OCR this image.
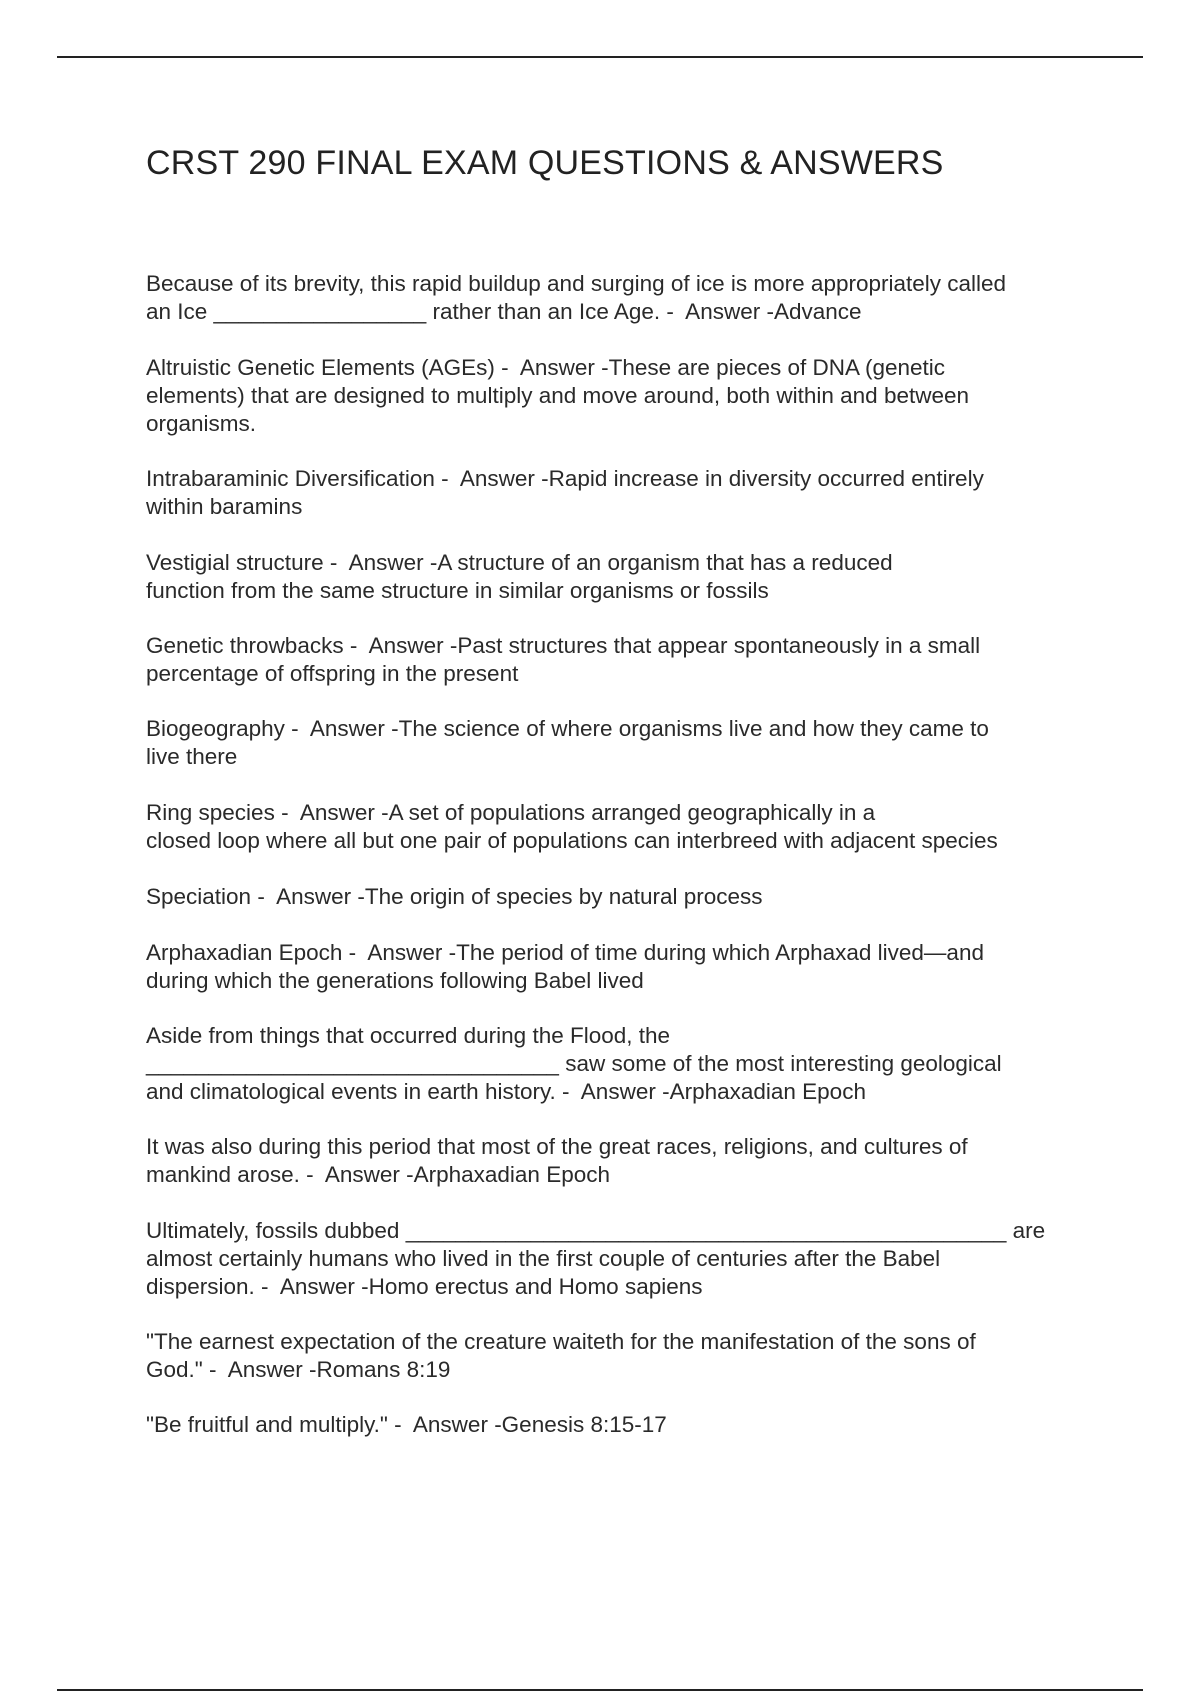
CRST 290 FINAL EXAM QUESTIONS & ANSWERS

Because of its brevity, this rapid buildup and surging of ice is more appropriately called
an Ice _________________ rather than an Ice Age. -  Answer -Advance

Altruistic Genetic Elements (AGEs) -  Answer -These are pieces of DNA (genetic
elements) that are designed to multiply and move around, both within and between
organisms.

Intrabaraminic Diversification -  Answer -Rapid increase in diversity occurred entirely
within baramins

Vestigial structure -  Answer -A structure of an organism that has a reduced
function from the same structure in similar organisms or fossils

Genetic throwbacks -  Answer -Past structures that appear spontaneously in a small
percentage of offspring in the present

Biogeography -  Answer -The science of where organisms live and how they came to
live there

Ring species -  Answer -A set of populations arranged geographically in a
closed loop where all but one pair of populations can interbreed with adjacent species

Speciation -  Answer -The origin of species by natural process

Arphaxadian Epoch -  Answer -The period of time during which Arphaxad lived—and
during which the generations following Babel lived

Aside from things that occurred during the Flood, the
_________________________________ saw some of the most interesting geological
and climatological events in earth history. -  Answer -Arphaxadian Epoch

It was also during this period that most of the great races, religions, and cultures of
mankind arose. -  Answer -Arphaxadian Epoch

Ultimately, fossils dubbed ________________________________________________ are
almost certainly humans who lived in the first couple of centuries after the Babel
dispersion. -  Answer -Homo erectus and Homo sapiens

"The earnest expectation of the creature waiteth for the manifestation of the sons of
God." -  Answer -Romans 8:19

"Be fruitful and multiply." -  Answer -Genesis 8:15-17
